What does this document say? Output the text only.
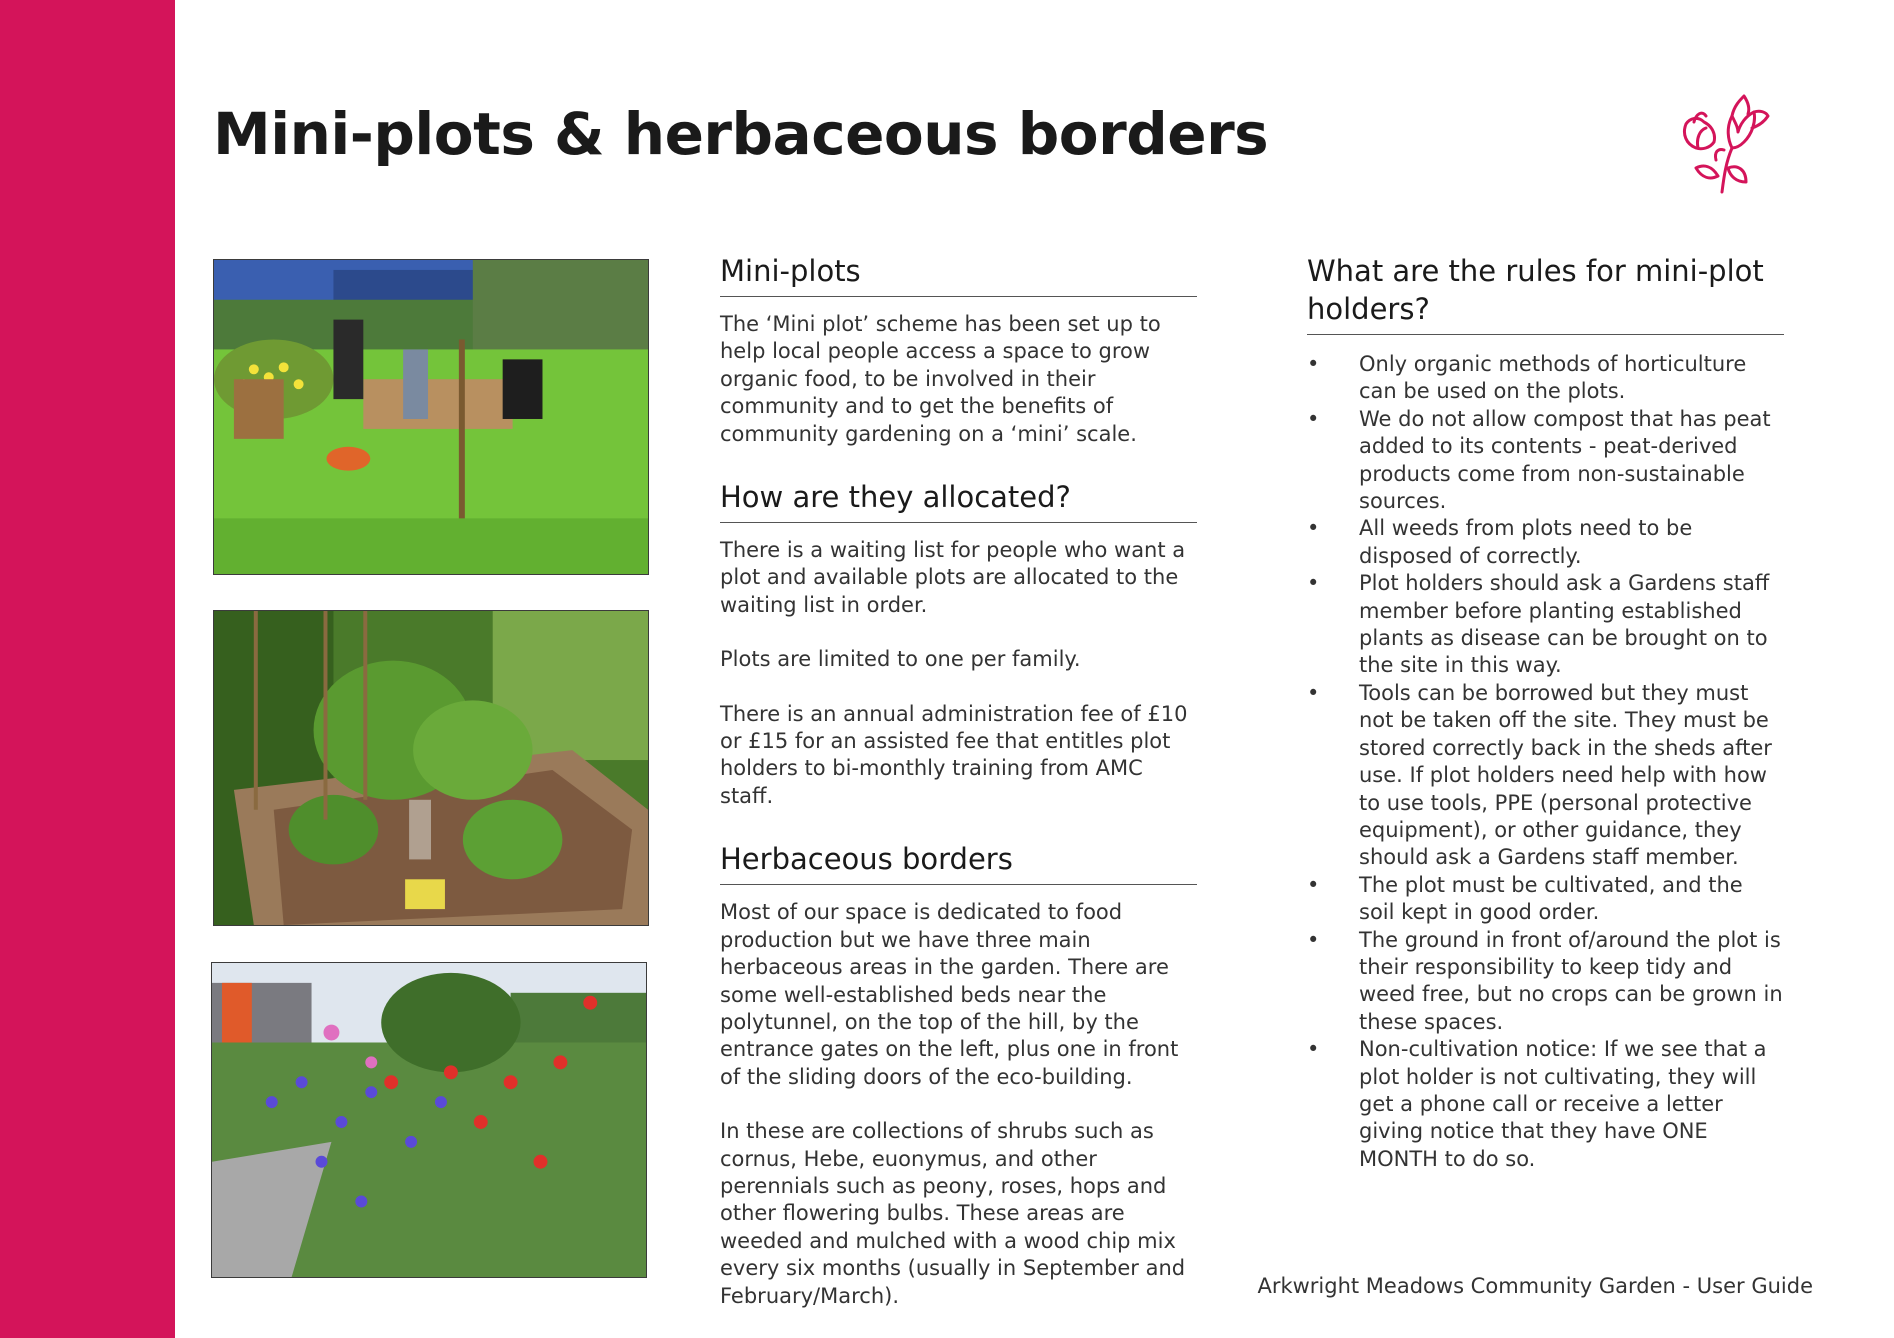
Mini-plots & herbaceous borders
Mini-plots

The ‘Mini plot’ scheme has been set up to help local people access a space to grow organic food, to be involved in their community and to get the benefits of community gardening on a ‘mini’ scale.

How are they allocated?

There is a waiting list for people who want a plot and available plots are allocated to the waiting list in order.

Plots are limited to one per family.

There is an annual administration fee of £10 or £15 for an assisted fee that entitles plot holders to bi-monthly training from AMC staff.

Herbaceous borders

Most of our space is dedicated to food production but we have three main herbaceous areas in the garden. There are some well-established beds near the polytunnel, on the top of the hill, by the entrance gates on the left, plus one in front of the sliding doors of the eco-building.

In these are collections of shrubs such as cornus, Hebe, euonymus, and other perennials such as peony, roses, hops and other flowering bulbs. These areas are weeded and mulched with a wood chip mix every six months (usually in September and February/March).

What are the rules for mini-plot holders?
• Only organic methods of horticulture can be used on the plots.
• We do not allow compost that has peat added to its contents - peat-derived products come from non-sustainable sources.
• All weeds from plots need to be disposed of correctly.
• Plot holders should ask a Gardens staff member before planting established plants as disease can be brought on to the site in this way.
• Tools can be borrowed but they must not be taken off the site. They must be stored correctly back in the sheds after use. If plot holders need help with how to use tools, PPE (personal protective equipment), or other guidance, they should ask a Gardens staff member.
• The plot must be cultivated, and the soil kept in good order.
• The ground in front of/around the plot is their responsibility to keep tidy and weed free, but no crops can be grown in these spaces.
• Non-cultivation notice: If we see that a plot holder is not cultivating, they will get a phone call or receive a letter giving notice that they have ONE MONTH to do so.
Arkwright Meadows Community Garden - User Guide
